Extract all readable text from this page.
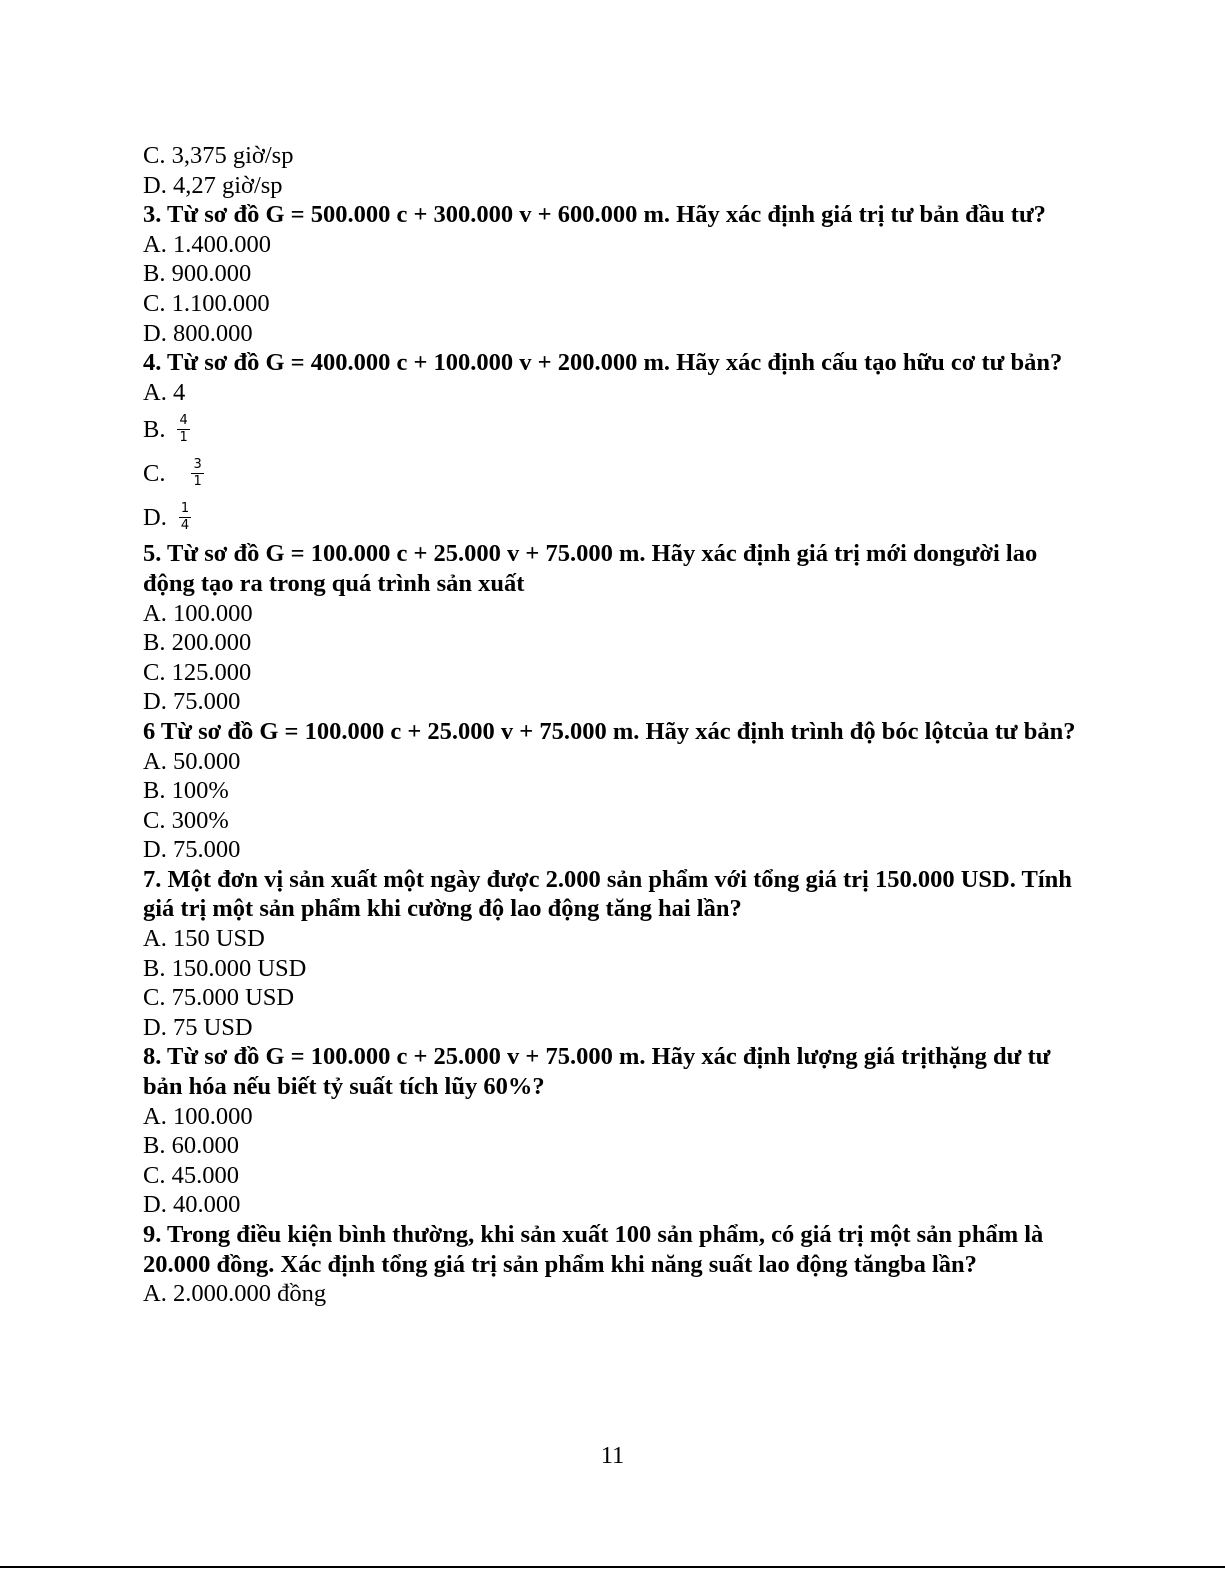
C. 3,375 giờ/sp
D. 4,27 giờ/sp
3. Từ sơ đồ G = 500.000 c + 300.000 v + 600.000 m. Hãy xác định giá trị tư bản đầu tư?
A. 1.400.000
B. 900.000
C. 1.100.000
D. 800.000
4. Từ sơ đồ G = 400.000 c + 100.000 v + 200.000 m. Hãy xác định cấu tạo hữu cơ tư bản?
A. 4
B. $\frac{4}{1}$
C. $\frac{3}{1}$
D. $\frac{1}{4}$
5. Từ sơ đồ G = 100.000 c + 25.000 v + 75.000 m. Hãy xác định giá trị mới dongười lao động tạo ra trong quá trình sản xuất
A. 100.000
B. 200.000
C. 125.000
D. 75.000
6 Từ sơ đồ G = 100.000 c + 25.000 v + 75.000 m. Hãy xác định trình độ bóc lộtcủa tư bản?
A. 50.000
B. 100%
C. 300%
D. 75.000
7. Một đơn vị sản xuất một ngày được 2.000 sản phẩm với tổng giá trị 150.000 USD. Tính giá trị một sản phẩm khi cường độ lao động tăng hai lần?
A. 150 USD
B. 150.000 USD
C. 75.000 USD
D. 75 USD
8. Từ sơ đồ G = 100.000 c + 25.000 v + 75.000 m. Hãy xác định lượng giá trịthặng dư tư bản hóa nếu biết tỷ suất tích lũy 60%?
A. 100.000
B. 60.000
C. 45.000
D. 40.000
9. Trong điều kiện bình thường, khi sản xuất 100 sản phẩm, có giá trị một sản phẩm là 20.000 đồng. Xác định tổng giá trị sản phẩm khi năng suất lao động tăngba lần?
A. 2.000.000 đồng
11
